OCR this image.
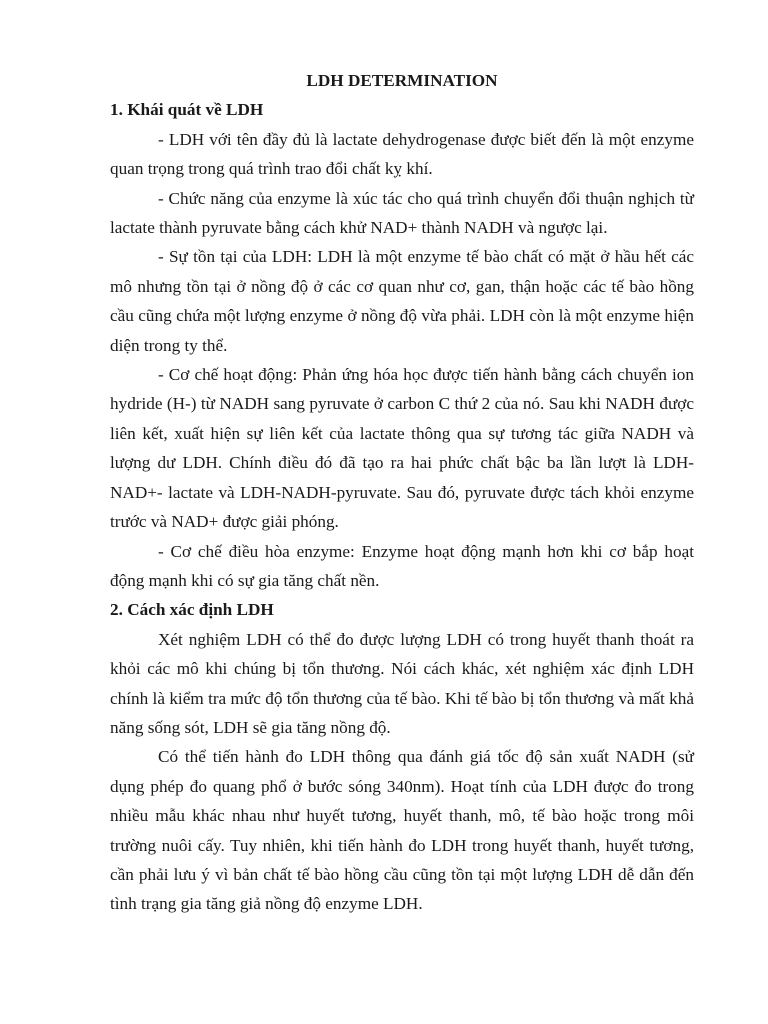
LDH DETERMINATION

1. Khái quát về LDH

- LDH với tên đầy đủ là lactate dehydrogenase được biết đến là một enzyme quan trọng trong quá trình trao đổi chất kỵ khí.

- Chức năng của enzyme là xúc tác cho quá trình chuyển đổi thuận nghịch từ lactate thành pyruvate bằng cách khử NAD+ thành NADH và ngược lại.

- Sự tồn tại của LDH: LDH là một enzyme tế bào chất có mặt ở hầu hết các mô nhưng tồn tại ở nồng độ ở các cơ quan như cơ, gan, thận hoặc các tế bào hồng cầu cũng chứa một lượng enzyme ở nồng độ vừa phải. LDH còn là một enzyme hiện diện trong ty thể.

- Cơ chế hoạt động: Phản ứng hóa học được tiến hành bằng cách chuyển ion hydride (H-) từ NADH sang pyruvate ở carbon C thứ 2 của nó. Sau khi NADH được liên kết, xuất hiện sự liên kết của lactate thông qua sự tương tác giữa NADH và lượng dư LDH. Chính điều đó đã tạo ra hai phức chất bậc ba lần lượt là LDH-NAD+- lactate và LDH-NADH-pyruvate. Sau đó, pyruvate được tách khỏi enzyme trước và NAD+ được giải phóng.

- Cơ chế điều hòa enzyme: Enzyme hoạt động mạnh hơn khi cơ bắp hoạt động mạnh khi có sự gia tăng chất nền.

2. Cách xác định LDH

Xét nghiệm LDH có thể đo được lượng LDH có trong huyết thanh thoát ra khỏi các mô khi chúng bị tổn thương. Nói cách khác, xét nghiệm xác định LDH chính là kiểm tra mức độ tổn thương của tế bào. Khi tế bào bị tổn thương và mất khả năng sống sót, LDH sẽ gia tăng nồng độ.

Có thể tiến hành đo LDH thông qua đánh giá tốc độ sản xuất NADH (sử dụng phép đo quang phổ ở bước sóng 340nm). Hoạt tính của LDH được đo trong nhiều mẫu khác nhau như huyết tương, huyết thanh, mô, tế bào hoặc trong môi trường nuôi cấy. Tuy nhiên, khi tiến hành đo LDH trong huyết thanh, huyết tương, cần phải lưu ý vì bản chất tế bào hồng cầu cũng tồn tại một lượng LDH dễ dẫn đến tình trạng gia tăng giả nồng độ enzyme LDH.
